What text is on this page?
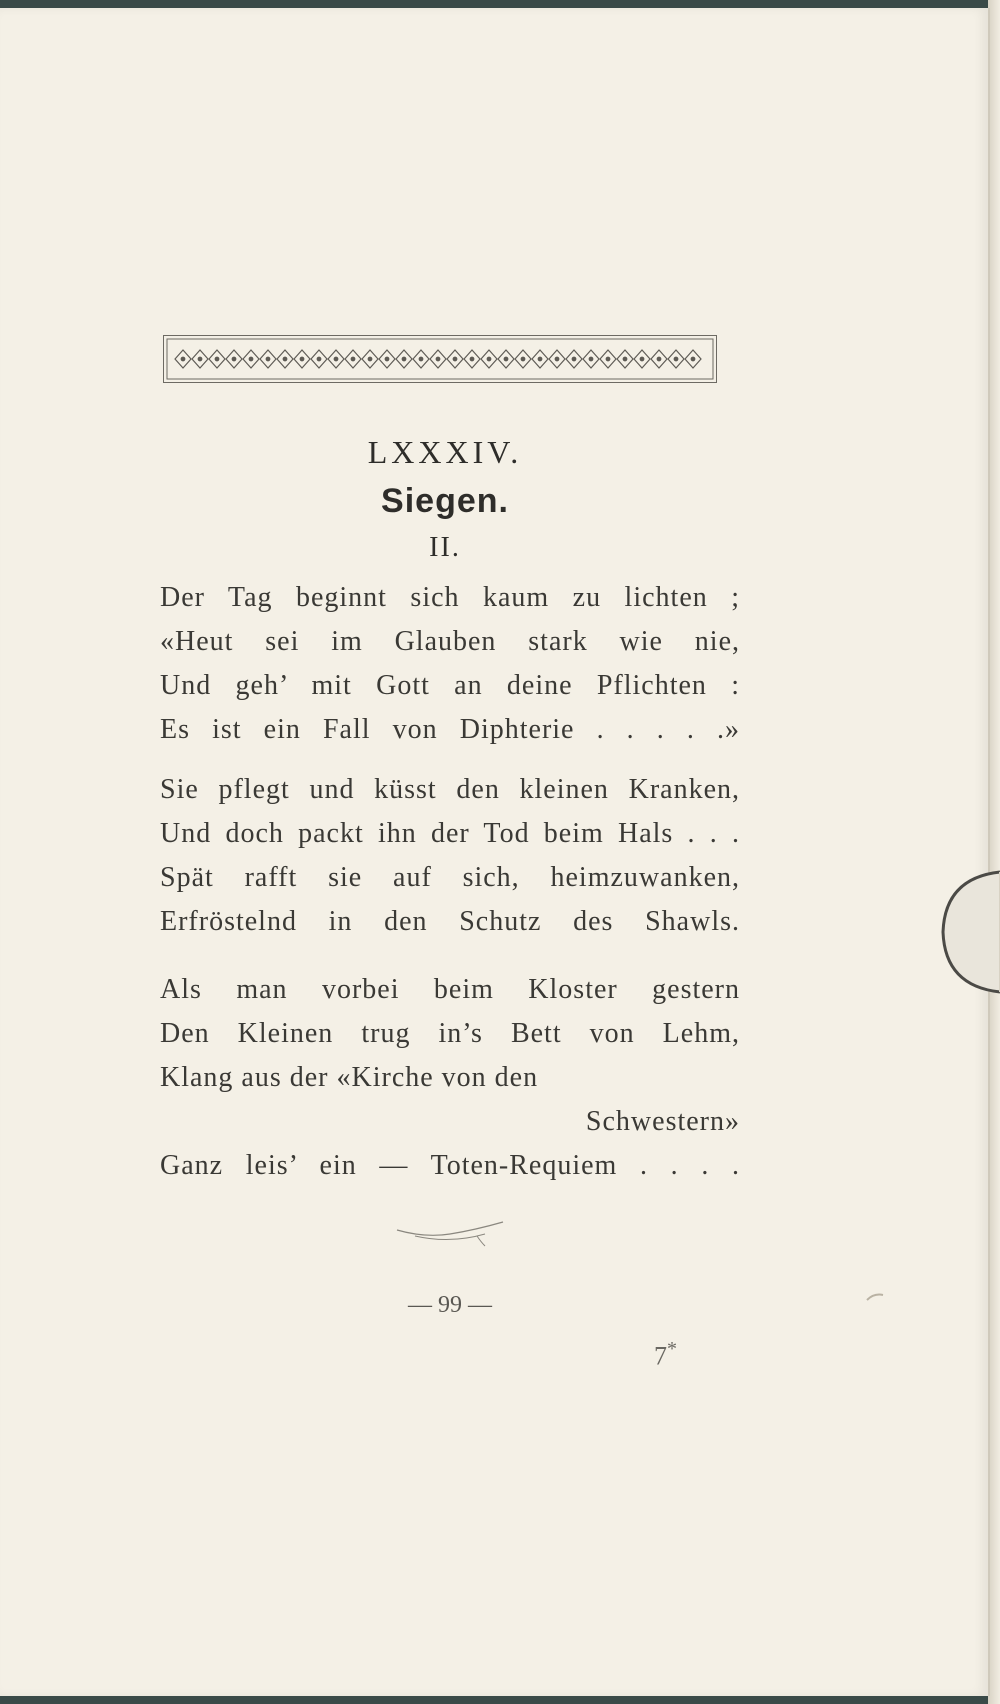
LXXXIV.
Siegen.
II.
Der Tag beginnt sich kaum zu lichten ;
«Heut sei im Glauben stark wie nie,
Und geh’ mit Gott an deine Pflichten :
Es ist ein Fall von Diphterie . . . . .»
Sie pflegt und küsst den kleinen Kranken,
Und doch packt ihn der Tod beim Hals . . .
Spät rafft sie auf sich, heimzuwanken,
Erfröstelnd in den Schutz des Shawls.
Als man vorbei beim Kloster gestern
Den Kleinen trug in’s Bett von Lehm,
Klang aus der «Kirche von den
Schwestern»
Ganz leis’ ein — Toten-Requiem . . . .
— 99 —
7*
